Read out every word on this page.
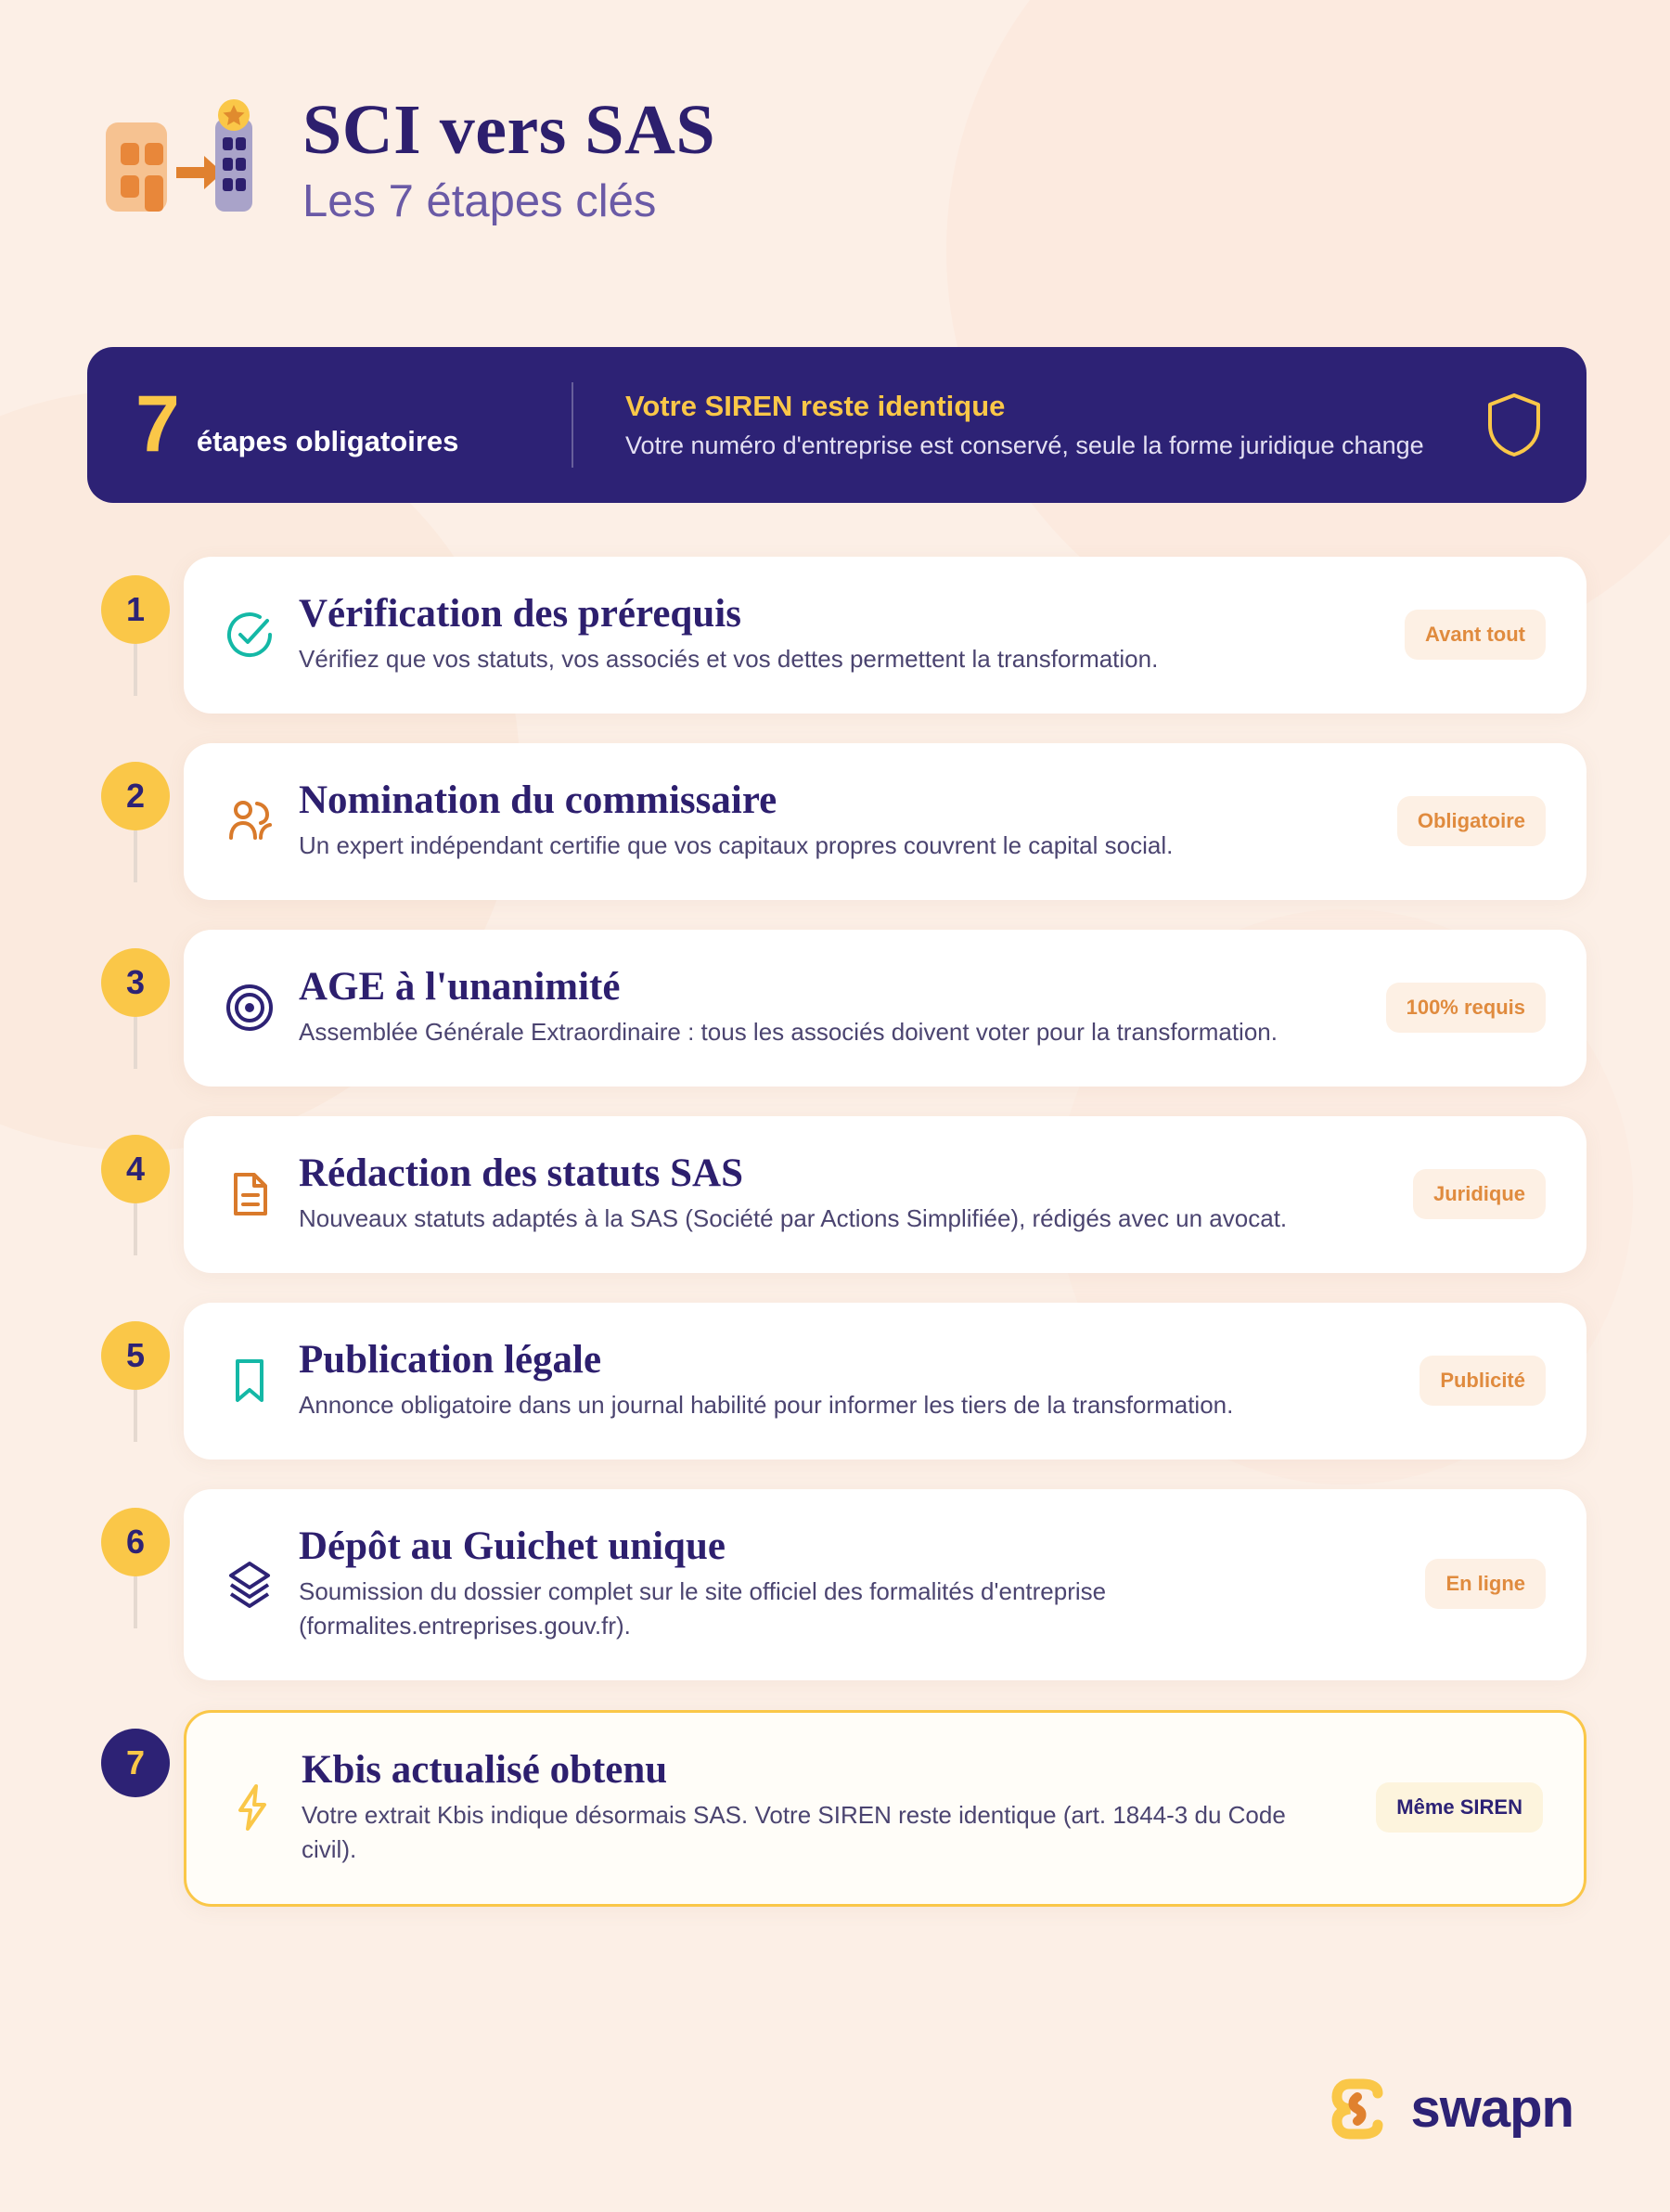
SCI vers SAS
Les 7 étapes clés
7 étapes obligatoires
Votre SIREN reste identique
Votre numéro d'entreprise est conservé, seule la forme juridique change
1	Vérification des prérequis
Vérifiez que vos statuts, vos associés et vos dettes permettent la transformation.
Avant tout
2	Nomination du commissaire
Un expert indépendant certifie que vos capitaux propres couvrent le capital social.
Obligatoire
3	AGE à l'unanimité
Assemblée Générale Extraordinaire : tous les associés doivent voter pour la transformation.
100% requis
4	Rédaction des statuts SAS
Nouveaux statuts adaptés à la SAS (Société par Actions Simplifiée), rédigés avec un avocat.
Juridique
5	Publication légale
Annonce obligatoire dans un journal habilité pour informer les tiers de la transformation.
Publicité
6	Dépôt au Guichet unique
Soumission du dossier complet sur le site officiel des formalités d'entreprise (formalites.entreprises.gouv.fr).
En ligne
7	Kbis actualisé obtenu
Votre extrait Kbis indique désormais SAS. Votre SIREN reste identique (art. 1844-3 du Code civil).
Même SIREN
swapn
